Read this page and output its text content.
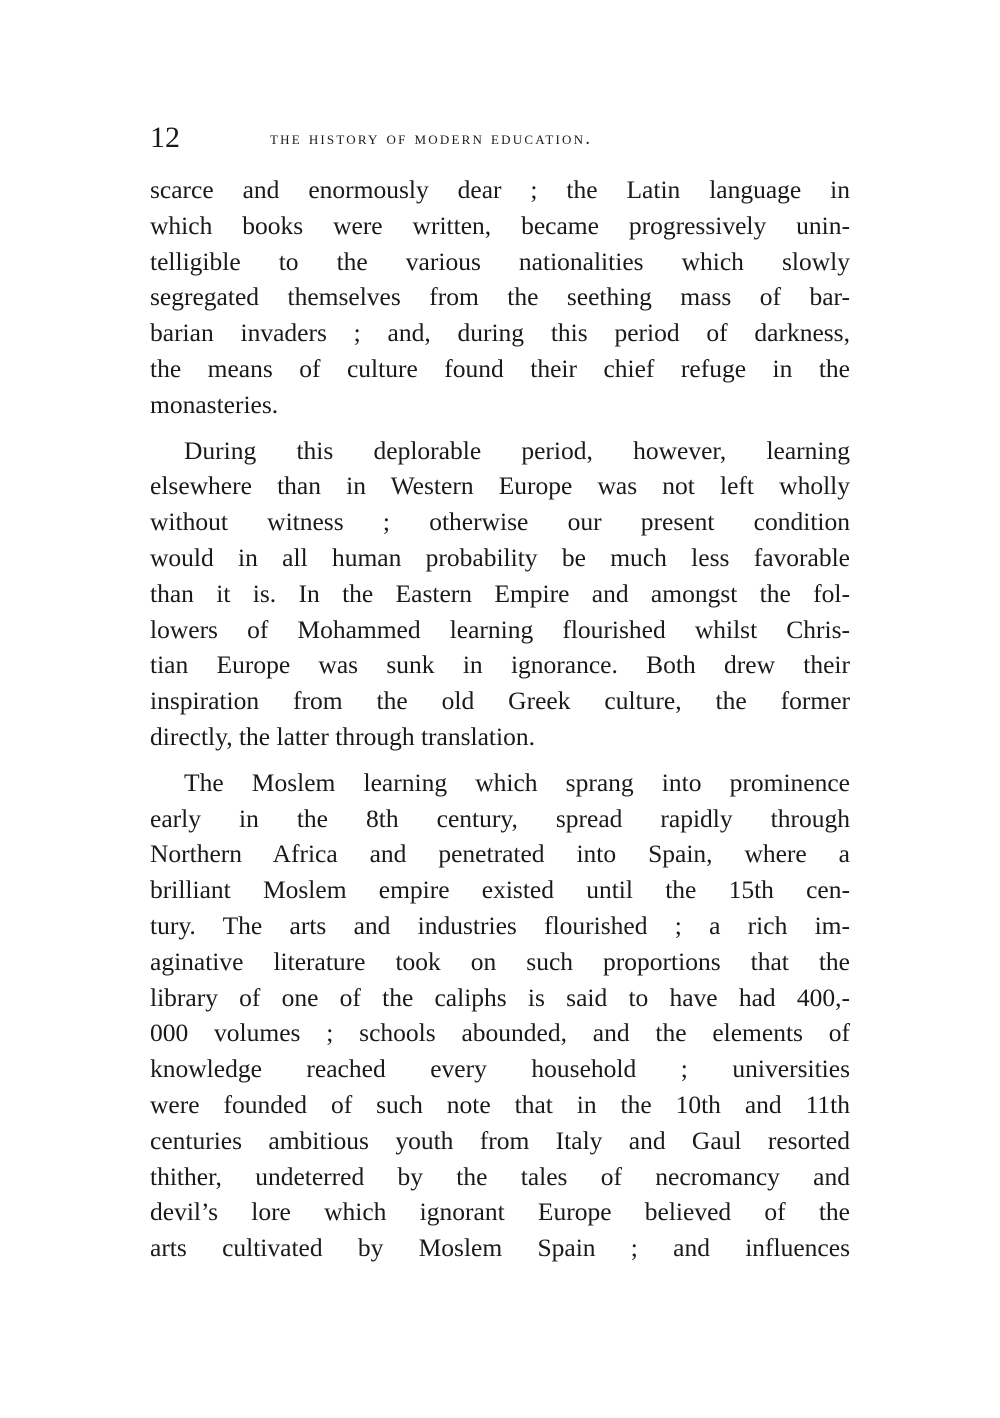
12	the history of modern education.

scarce and enormously dear ; the Latin language in
which books were written, became progressively unin-
telligible to the various nationalities which slowly
segregated themselves from the seething mass of bar-
barian invaders ; and, during this period of darkness,
the means of culture found their chief refuge in the
monasteries.

During this deplorable period, however, learning
elsewhere than in Western Europe was not left wholly
without witness ; otherwise our present condition
would in all human probability be much less favorable
than it is. In the Eastern Empire and amongst the fol-
lowers of Mohammed learning flourished whilst Chris-
tian Europe was sunk in ignorance. Both drew their
inspiration from the old Greek culture, the former
directly, the latter through translation.

The Moslem learning which sprang into prominence
early in the 8th century, spread rapidly through
Northern Africa and penetrated into Spain, where a
brilliant Moslem empire existed until the 15th cen-
tury. The arts and industries flourished ; a rich im-
aginative literature took on such proportions that the
library of one of the caliphs is said to have had 400,-
000 volumes ; schools abounded, and the elements of
knowledge reached every household ; universities
were founded of such note that in the 10th and 11th
centuries ambitious youth from Italy and Gaul resorted
thither, undeterred by the tales of necromancy and
devil’s lore which ignorant Europe believed of the
arts cultivated by Moslem Spain ; and influences
